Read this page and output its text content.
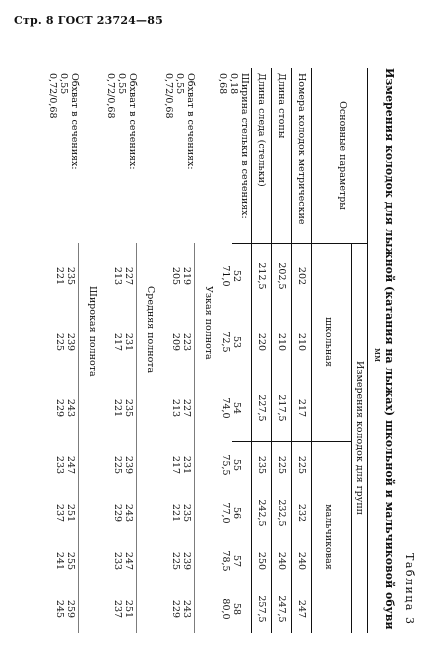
Стр. 8 ГОСТ 23724—85
Таблица 3
Измерения колодок для лыжной (катания на лыжах) школьной и мальчиковой обуви
мм
Основные параметры
Измерения колодок для групп
школьная
мальчиковая
Номера колодок метрические
Длина стопы
Длина следа (стельки)
Ширина стельки в сечениях:
0,18
0,68
202
210
217
225
232
240
247
202,5
210
217,5
225
232,5
240
247,5
212,5
220
227,5
235
242,5
250
257,5
52
71,0
53
72,5
54
74,0
55
75,5
56
77,0
57
78,5
58
80,0
Узкая полнота
Обхват в сечениях:
0,55
0,72/0,68
219
205
223
209
227
213
231
217
235
221
239
225
243
229
Средняя полнота
Обхват в сечениях:
0,55
0,72/0,68
227
213
231
217
235
221
239
225
243
229
247
233
251
237
Широкая полнота
Обхват в сечениях:
0,55
0,72/0,68
235
221
239
225
243
229
247
233
251
237
255
241
259
245
